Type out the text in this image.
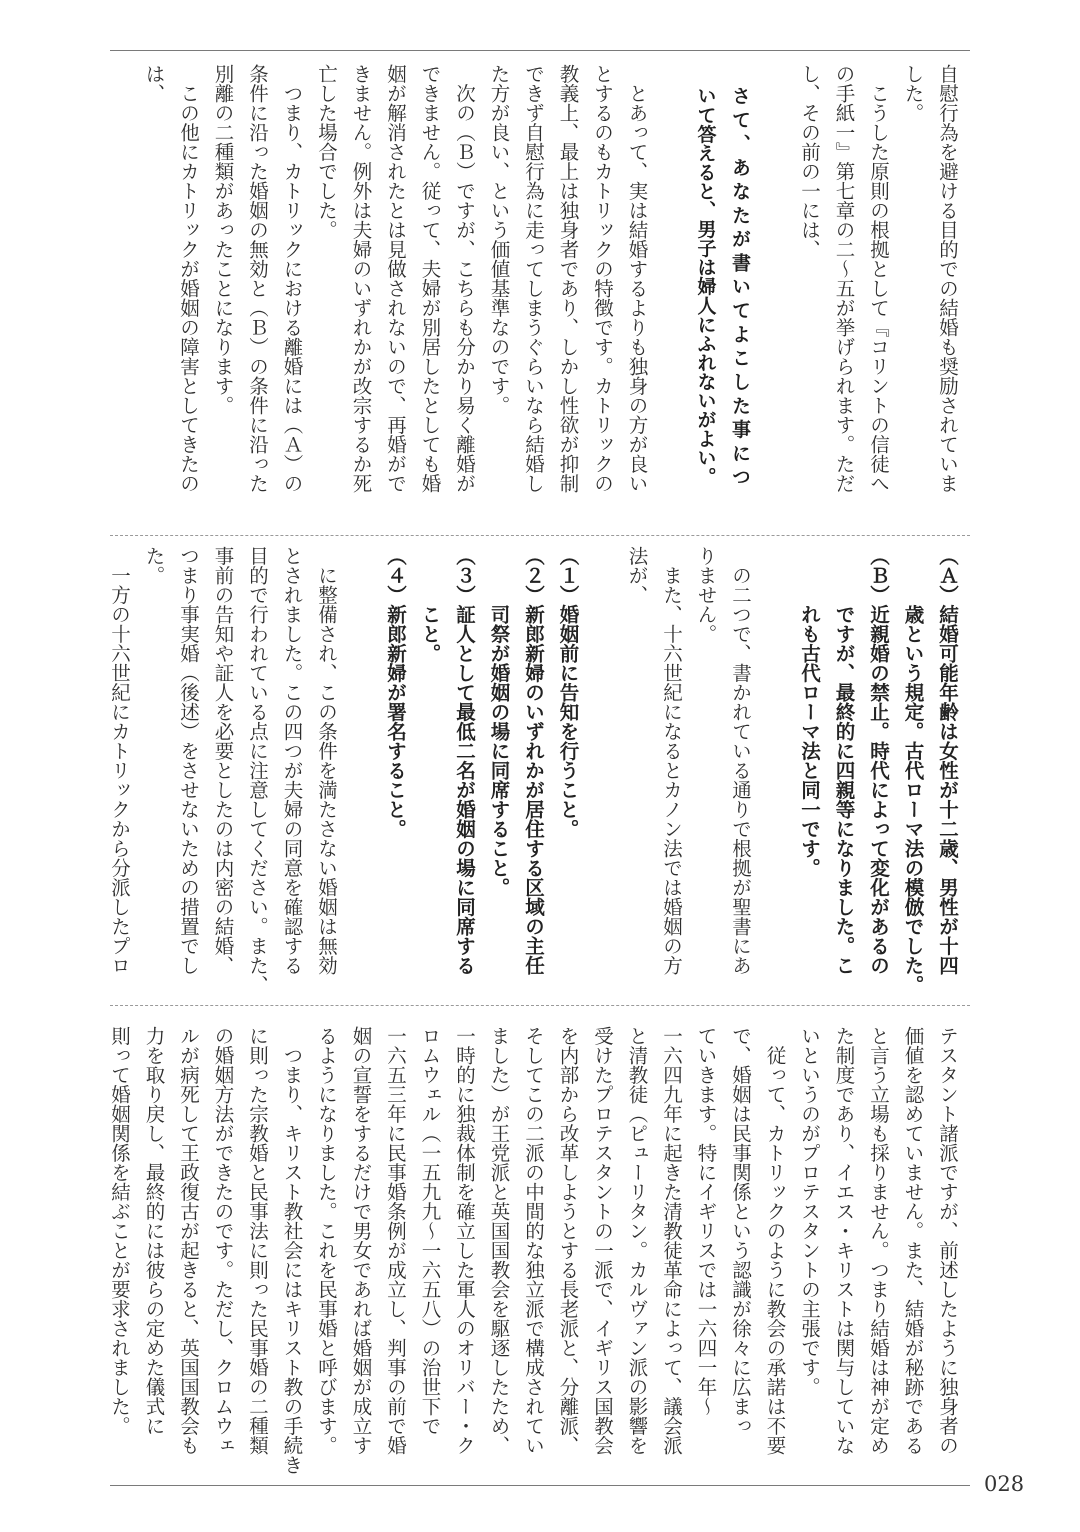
自慰行為を避ける目的での結婚も奨励されていま
した。
　こうした原則の根拠として『コリントの信徒へ
の手紙一』第七章の二～五が挙げられます。ただ
し、その前の一には、
さて、あなたが書いてよこした事につ
いて答えると、男子は婦人にふれないがよい。
　とあって、実は結婚するよりも独身の方が良い
とするのもカトリックの特徴です。カトリックの
教義上、最上は独身者であり、しかし性欲が抑制
できず自慰行為に走ってしまうぐらいなら結婚し
た方が良い、という価値基準なのです。
　次の（Ｂ）ですが、こちらも分かり易く離婚が
できません。従って、夫婦が別居したとしても婚
姻が解消されたとは見做されないので、再婚がで
きません。例外は夫婦のいずれかが改宗するか死
亡した場合でした。
　つまり、カトリックにおける離婚には（Ａ）の
条件に沿った婚姻の無効と（Ｂ）の条件に沿った
別離の二種類があったことになります。
　この他にカトリックが婚姻の障害としてきたの
は、
（Ａ）結婚可能年齢は女性が十二歳、男性が十四
　　　歳という規定。古代ローマ法の模倣でした。
（Ｂ）近親婚の禁止。時代によって変化があるの
　　　ですが、最終的に四親等になりました。こ
　　　れも古代ローマ法と同一です。
　の二つで、書かれている通りで根拠が聖書にあ
りません。
　また、十六世紀になるとカノン法では婚姻の方
法が、
（１）婚姻前に告知を行うこと。
（２）新郎新婦のいずれかが居住する区域の主任
　　　司祭が婚姻の場に同席すること。
（３）証人として最低二名が婚姻の場に同席する
　　　こと。
（４）新郎新婦が署名すること。
　に整備され、この条件を満たさない婚姻は無効
とされました。この四つが夫婦の同意を確認する
目的で行われている点に注意してください。また、
事前の告知や証人を必要としたのは内密の結婚、
つまり事実婚（後述）をさせないための措置でし
た。
　一方の十六世紀にカトリックから分派したプロ
テスタント諸派ですが、前述したように独身者の
価値を認めていません。また、結婚が秘跡である
と言う立場も採りません。つまり結婚は神が定め
た制度であり、イエス・キリストは関与していな
いというのがプロテスタントの主張です。
　従って、カトリックのように教会の承諾は不要
で、婚姻は民事関係という認識が徐々に広まっ
ていきます。特にイギリスでは一六四一年～
一六四九年に起きた清教徒革命によって、議会派
と清教徒（ピューリタン。カルヴァン派の影響を
受けたプロテスタントの一派で、イギリス国教会
を内部から改革しようとする長老派と、分離派、
そしてこの二派の中間的な独立派で構成されてい
ました）が王党派と英国国教会を駆逐したため、
一時的に独裁体制を確立した軍人のオリバー・ク
ロムウェル（一五九九～一六五八）の治世下で
一六五三年に民事婚条例が成立し、判事の前で婚
姻の宣誓をするだけで男女であれば婚姻が成立す
るようになりました。これを民事婚と呼びます。
　つまり、キリスト教社会にはキリスト教の手続き
に則った宗教婚と民事法に則った民事婚の二種類
の婚姻方法ができたのです。ただし、クロムウェ
ルが病死して王政復古が起きると、英国国教会も
力を取り戻し、最終的には彼らの定めた儀式に
則って婚姻関係を結ぶことが要求されました。
028
